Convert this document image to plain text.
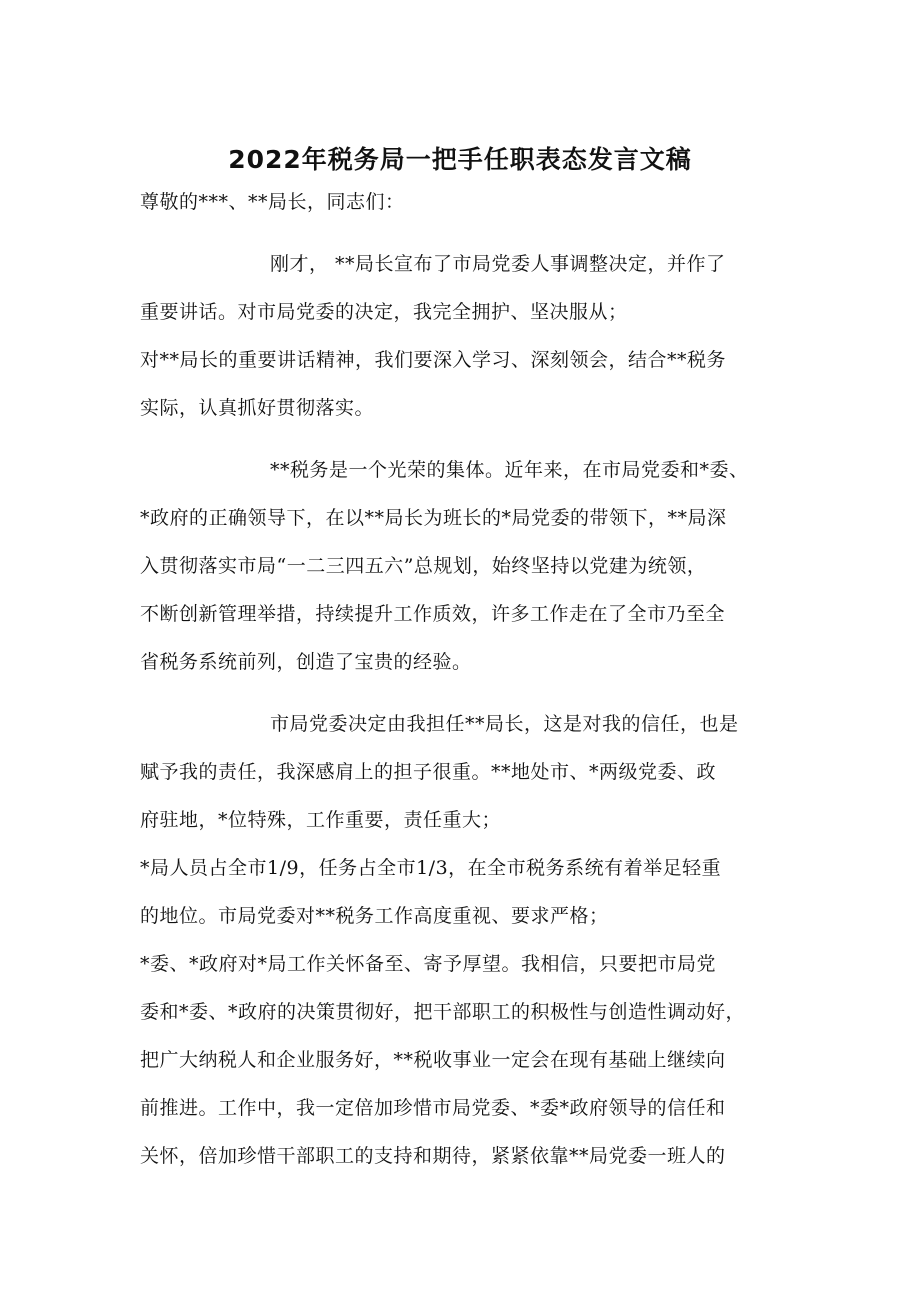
2022年税务局一把手任职表态发言文稿
尊敬的***、**局长，同志们：
刚才， **局长宣布了市局党委人事调整决定，并作了
重要讲话。对市局党委的决定，我完全拥护、坚决服从；
对**局长的重要讲话精神，我们要深入学习、深刻领会，结合**税务
实际，认真抓好贯彻落实。
**税务是一个光荣的集体。近年来，在市局党委和*委、
*政府的正确领导下，在以**局长为班长的*局党委的带领下，**局深
入贯彻落实市局“一二三四五六”总规划，始终坚持以党建为统领，
不断创新管理举措，持续提升工作质效，许多工作走在了全市乃至全
省税务系统前列，创造了宝贵的经验。
市局党委决定由我担任**局长，这是对我的信任，也是
赋予我的责任，我深感肩上的担子很重。**地处市、*两级党委、政
府驻地，*位特殊，工作重要，责任重大；
*局人员占全市1/9，任务占全市1/3，在全市税务系统有着举足轻重
的地位。市局党委对**税务工作高度重视、要求严格；
*委、*政府对*局工作关怀备至、寄予厚望。我相信，只要把市局党
委和*委、*政府的决策贯彻好，把干部职工的积极性与创造性调动好，
把广大纳税人和企业服务好，**税收事业一定会在现有基础上继续向
前推进。工作中，我一定倍加珍惜市局党委、*委*政府领导的信任和
关怀，倍加珍惜干部职工的支持和期待，紧紧依靠**局党委一班人的
